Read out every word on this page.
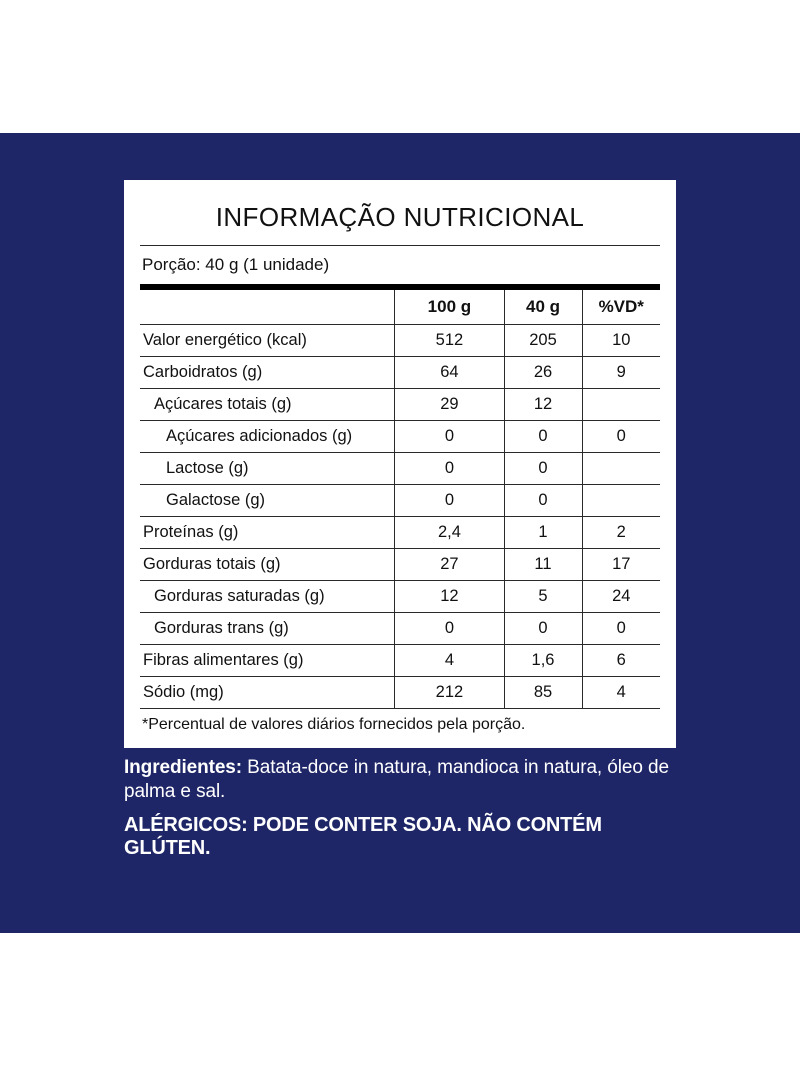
INFORMAÇÃO NUTRICIONAL
Porção: 40 g (1 unidade)
	100 g	40 g	%VD*
Valor energético (kcal)	512	205	10
Carboidratos (g)	64	26	9
Açúcares totais (g)	29	12	
Açúcares adicionados (g)	0	0	0
Lactose (g)	0	0	
Galactose (g)	0	0	
Proteínas (g)	2,4	1	2
Gorduras totais (g)	27	11	17
Gorduras saturadas (g)	12	5	24
Gorduras trans (g)	0	0	0
Fibras alimentares (g)	4	1,6	6
Sódio (mg)	212	85	4
*Percentual de valores diários fornecidos pela porção.
Ingredientes: Batata-doce in natura, mandioca in natura, óleo de palma e sal.
ALÉRGICOS: PODE CONTER SOJA. NÃO CONTÉM GLÚTEN.
